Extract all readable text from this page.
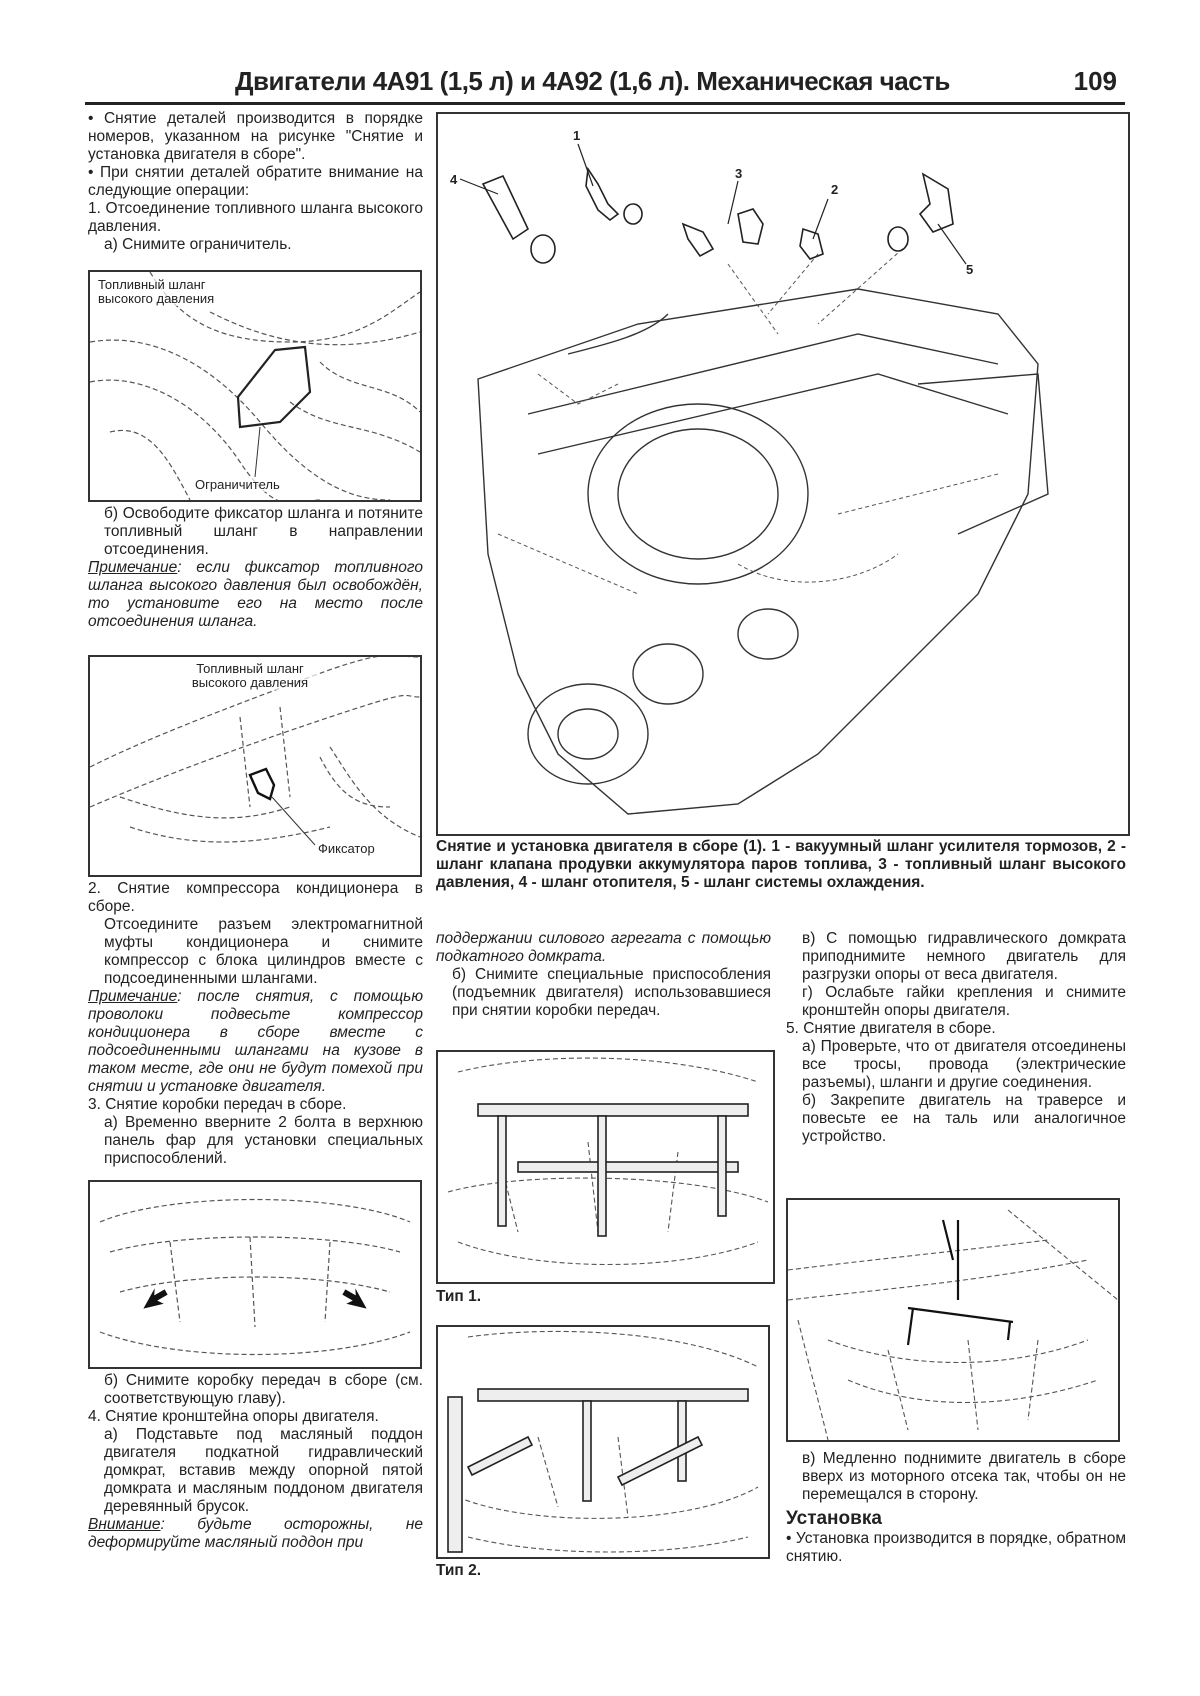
Двигатели 4A91 (1,5 л) и 4A92 (1,6 л). Механическая часть	109

• Снятие деталей производится в порядке номеров, указанном на рисунке "Снятие и установка двигателя в сборе".

• При снятии деталей обратите внимание на следующие операции:

1. Отсоединение топливного шланга высокого давления.

а) Снимите ограничитель.

Топливный шланг высокого давления
Ограничитель

б) Освободите фиксатор шланга и потяните топливный шланг в направлении отсоединения.

Примечание: если фиксатор топливного шланга высокого давления был освобождён, то установите его на место после отсоединения шланга.

Топливный шланг высокого давления
Фиксатор

2. Снятие компрессора кондиционера в сборе.

Отсоедините разъем электромагнитной муфты кондиционера и снимите компрессор с блока цилиндров вместе с подсоединенными шлангами.

Примечание: после снятия, с помощью проволоки подвесьте компрессор кондиционера в сборе вместе с подсоединенными шлангами на кузове в таком месте, где они не будут помехой при снятии и установке двигателя.

3. Снятие коробки передач в сборе.

а) Временно вверните 2 болта в верхнюю панель фар для установки специальных приспособлений.

б) Снимите коробку передач в сборе (см. соответствующую главу).

4. Снятие кронштейна опоры двигателя.

а) Подставьте под масляный поддон двигателя подкатной гидравлический домкрат, вставив между опорной пятой домкрата и масляным поддоном двигателя деревянный брусок.

Внимание: будьте осторожны, не деформируйте масляный поддон при

1
2
3
4
5
Снятие и установка двигателя в сборе (1). 1 - вакуумный шланг усилителя тормозов, 2 - шланг клапана продувки аккумулятора паров топлива, 3 - топливный шланг высокого давления, 4 - шланг отопителя, 5 - шланг системы охлаждения.

поддержании силового агрегата с помощью подкатного домкрата.

б) Снимите специальные приспособления (подъемник двигателя) использовавшиеся при снятии коробки передач.

Тип 1.
Тип 2.

в) С помощью гидравлического домкрата приподнимите немного двигатель для разгрузки опоры от веса двигателя.

г) Ослабьте гайки крепления и снимите кронштейн опоры двигателя.

5. Снятие двигателя в сборе.

а) Проверьте, что от двигателя отсоединены все тросы, провода (электрические разъемы), шланги и другие соединения.

б) Закрепите двигатель на траверсе и повесьте ее на таль или аналогичное устройство.

в) Медленно поднимите двигатель в сборе вверх из моторного отсека так, чтобы он не перемещался в сторону.

Установка

• Установка производится в порядке, обратном снятию.
